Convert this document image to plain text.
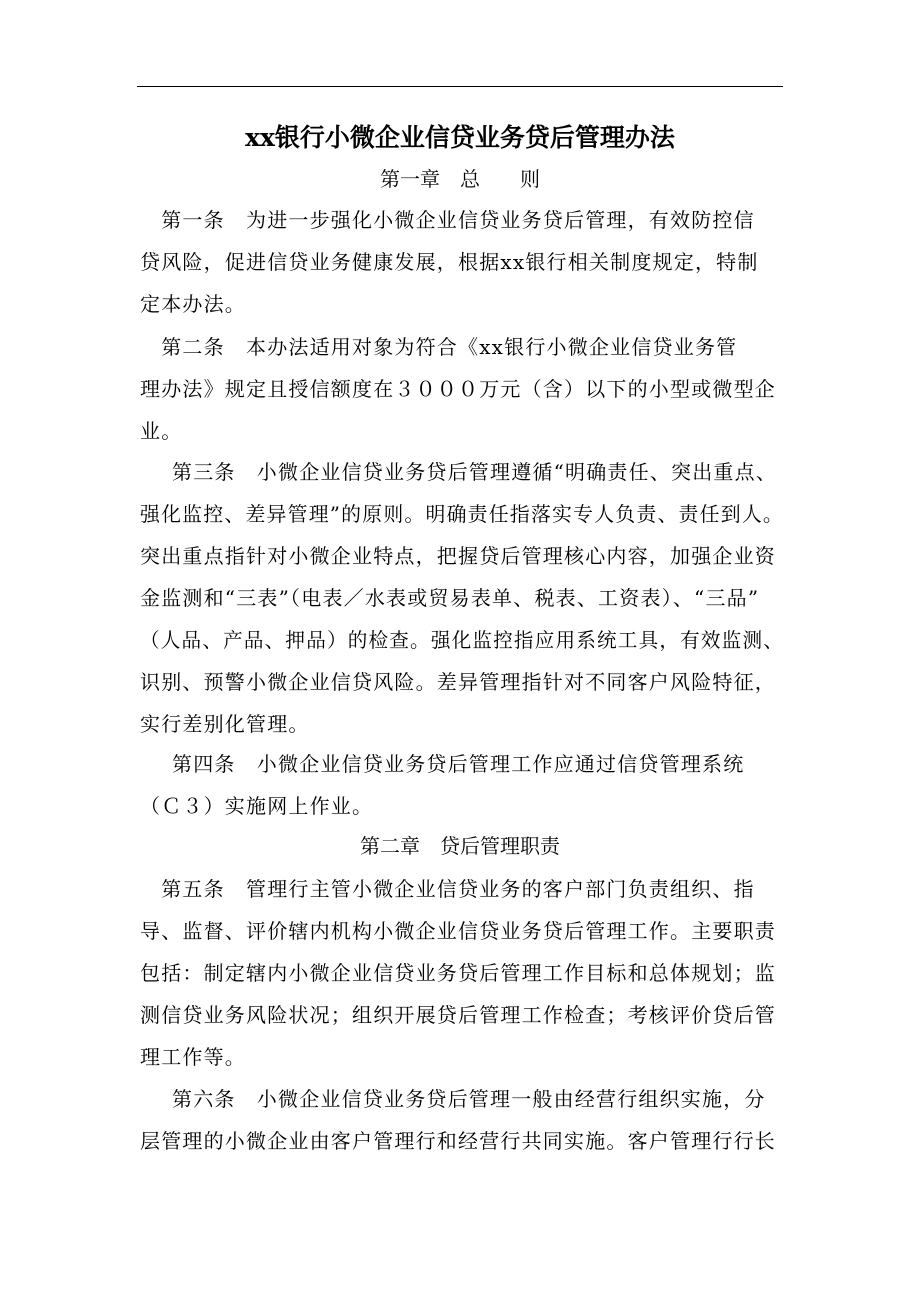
xx银行小微企业信贷业务贷后管理办法
第一章　总　　则
　第一条　为进一步强化小微企业信贷业务贷后管理，有效防控信
贷风险，促进信贷业务健康发展，根据xx银行相关制度规定，特制
定本办法。
　第二条　本办法适用对象为符合《xx银行小微企业信贷业务管
理办法》规定且授信额度在３０００万元（含）以下的小型或微型企
业。
第三条　小微企业信贷业务贷后管理遵循“明确责任、突出重点、
强化监控、差异管理”的原则。明确责任指落实专人负责、责任到人。
突出重点指针对小微企业特点，把握贷后管理核心内容，加强企业资
金监测和“三表”（电表／水表或贸易表单、税表、工资表）、“三品”
（人品、产品、押品）的检查。强化监控指应用系统工具，有效监测、
识别、预警小微企业信贷风险。差异管理指针对不同客户风险特征，
实行差别化管理。
第四条　小微企业信贷业务贷后管理工作应通过信贷管理系统
（Ｃ３）实施网上作业。
第二章　贷后管理职责
　第五条　管理行主管小微企业信贷业务的客户部门负责组织、指
导、监督、评价辖内机构小微企业信贷业务贷后管理工作。主要职责
包括：制定辖内小微企业信贷业务贷后管理工作目标和总体规划；监
测信贷业务风险状况；组织开展贷后管理工作检查；考核评价贷后管
理工作等。
第六条　小微企业信贷业务贷后管理一般由经营行组织实施，分
层管理的小微企业由客户管理行和经营行共同实施。客户管理行行长
